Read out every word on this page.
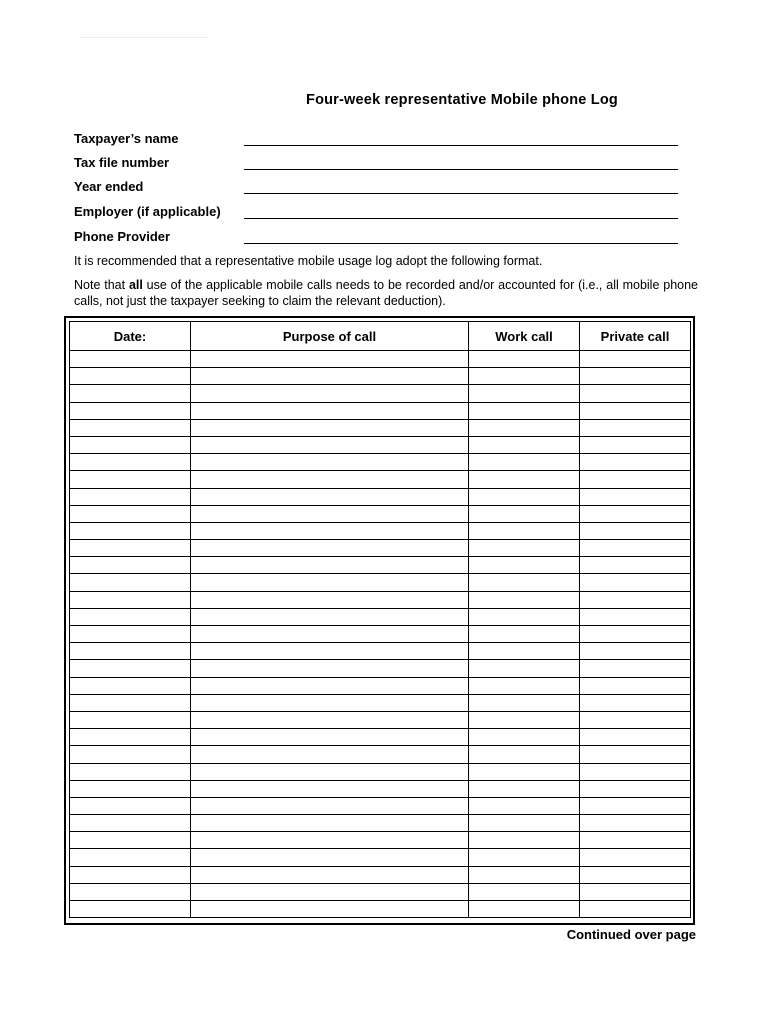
Four-week representative Mobile phone Log
Taxpayer’s name
Tax file number
Year ended
Employer (if applicable)
Phone Provider
It is recommended that a representative mobile usage log adopt the following format.
Note that all use of the applicable mobile calls needs to be recorded and/or accounted for (i.e., all mobile phone calls, not just the taxpayer seeking to claim the relevant deduction).
Date:	Purpose of call	Work call	Private call

Continued over page
